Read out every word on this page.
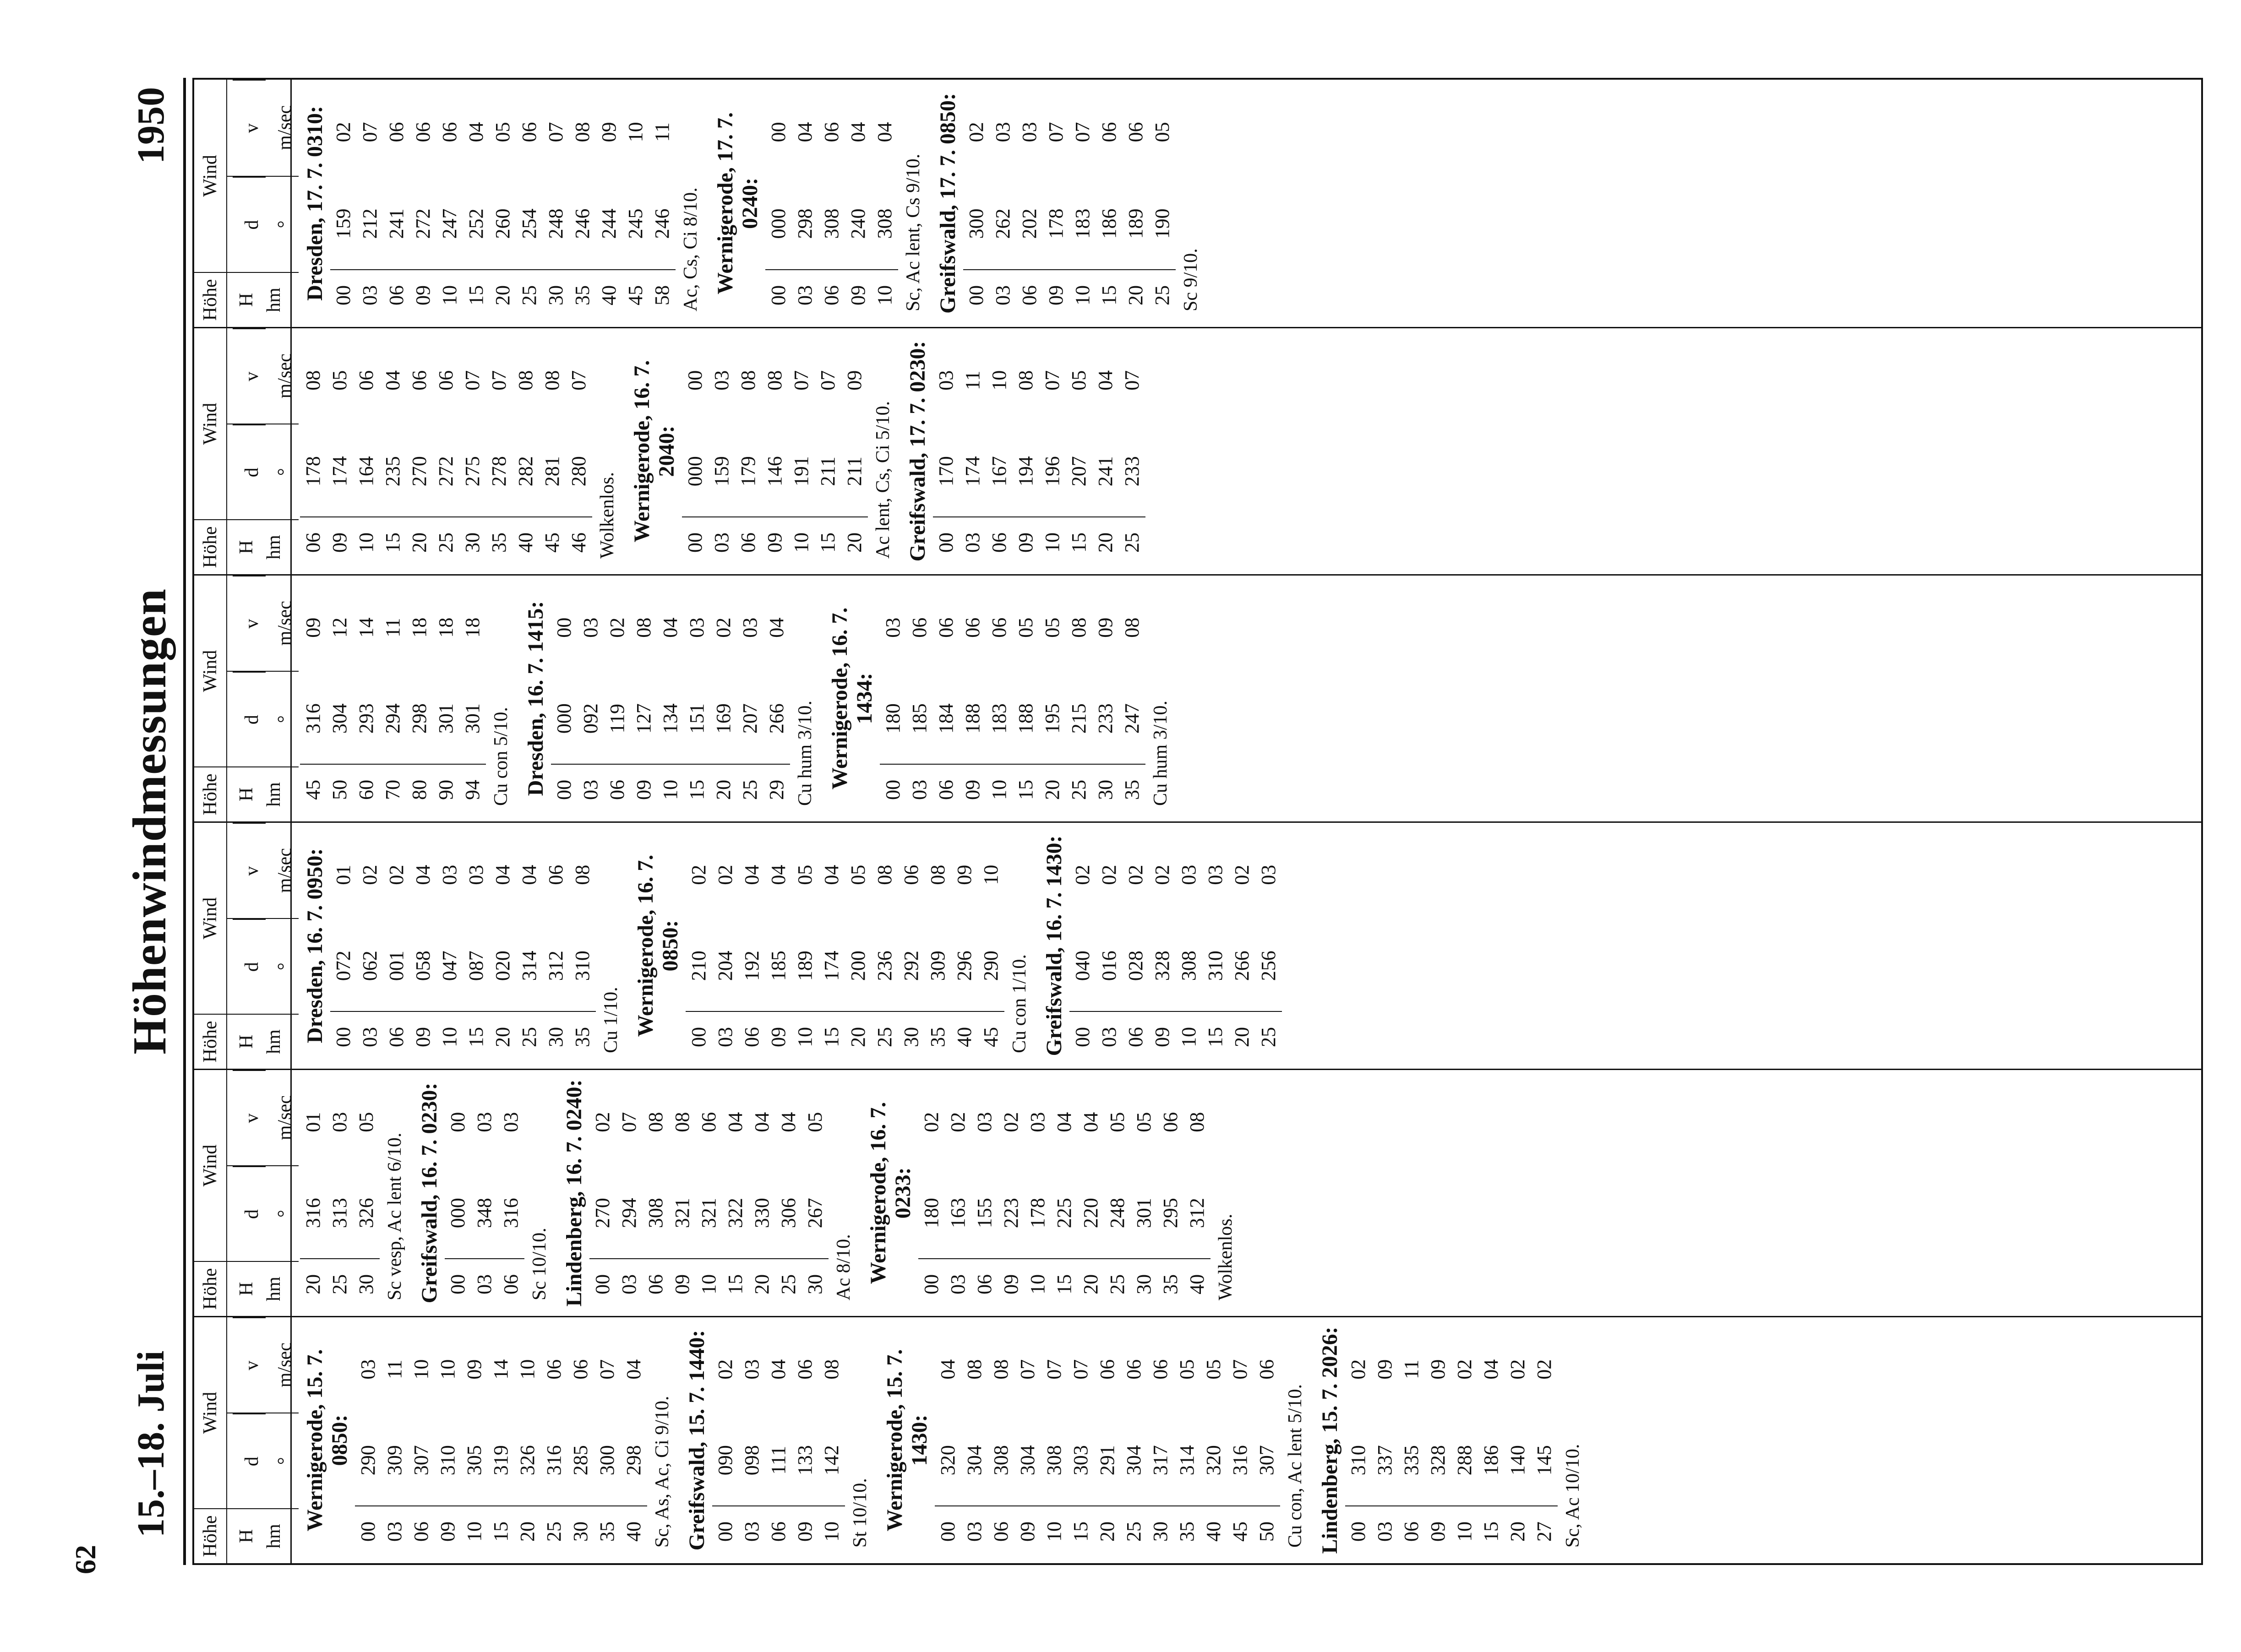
62
15.–18. Juli
Höhenwindmessungen
1950
Höhe H hm
Wind
d °
v m/sec Wernigerode, 15. 7. 0850:
00
290
03
03
309
11
06
307
10
09
310
10
10
305
09
15
319
14
20
326
10
25
316
06
30
285
06
35
300
07
40
298
04
Sc, As, Ac, Ci 9/10. Greifswald, 15. 7. 1440: 00
090
02
03
098
03
06
111
04
09
133
06
10
142
08
St 10/10. Wernigerode, 15. 7. 1430:
00
320
04
03
304
08
06
308
08
09
304
07
10
308
07
15
303
07
20
291
06
25
304
06
30
317
06
35
314
05
40
320
05
45
316
07
50
307
06
Cu con, Ac lent 5/10. Lindenberg, 15. 7. 2026: 00
310
02
03
337
09
06
335
11
09
328
09
10
288
02
15
186
04
20
140
02
27
145
02
Sc, Ac 10/10.
Höhe H hm
Wind
d °
v m/sec
20
316
01
25
313
03
30
326
05
Sc vesp, Ac lent 6/10. Greifswald, 16. 7. 0230: 00
000
00
03
348
03
06
316
03
Sc 10/10. Lindenberg, 16. 7. 0240: 00
270
02
03
294
07
06
308
08
09
321
08
10
321
06
15
322
04
20
330
04
25
306
04
30
267
05
Ac 8/10. Wernigerode, 16. 7. 0233:
00
180
02
03
163
02
06
155
03
09
223
02
10
178
03
15
225
04
20
220
04
25
248
05
30
301
05
35
295
06
40
312
08
Wolkenlos.
Höhe H hm
Wind
d °
v m/sec Dresden, 16. 7. 0950: 00
072
01
03
062
02
06
001
02
09
058
04
10
047
03
15
087
03
20
020
04
25
314
04
30
312
06
35
310
08
Cu 1/10. Wernigerode, 16. 7. 0850:
00
210
02
03
204
02
06
192
04
09
185
04
10
189
05
15
174
04
20
200
05
25
236
08
30
292
06
35
309
08
40
296
09
45
290
10
Cu con 1/10. Greifswald, 16. 7. 1430: 00
040
02
03
016
02
06
028
02
09
328
02
10
308
03
15
310
03
20
266
02
25
256
03
Höhe H hm
Wind
d °
v m/sec
45
316
09
50
304
12
60
293
14
70
294
11
80
298
18
90
301
18
94
301
18
Cu con 5/10. Dresden, 16. 7. 1415: 00
000
00
03
092
03
06
119
02
09
127
08
10
134
04
15
151
03
20
169
02
25
207
03
29
266
04
Cu hum 3/10. Wernigerode, 16. 7. 1434:
00
180
03
03
185
06
06
184
06
09
188
06
10
183
06
15
188
05
20
195
05
25
215
08
30
233
09
35
247
08
Cu hum 3/10.
Höhe H hm
Wind
d °
v m/sec
06
178
08
09
174
05
10
164
06
15
235
04
20
270
06
25
272
06
30
275
07
35
278
07
40
282
08
45
281
08
46
280
07
Wolkenlos. Wernigerode, 16. 7. 2040:
00
000
00
03
159
03
06
179
08
09
146
08
10
191
07
15
211
07
20
211
09
Ac lent, Cs, Ci 5/10. Greifswald, 17. 7. 0230: 00
170
03
03
174
11
06
167
10
09
194
08
10
196
07
15
207
05
20
241
04
25
233
07
Höhe H hm
Wind
d °
v m/sec Dresden, 17. 7. 0310: 00
159
02
03
212
07
06
241
06
09
272
06
10
247
06
15
252
04
20
260
05
25
254
06
30
248
07
35
246
08
40
244
09
45
245
10
58
246
11
Ac, Cs, Ci 8/10. Wernigerode, 17. 7. 0240:
00
000
00
03
298
04
06
308
06
09
240
04
10
308
04
Sc, Ac lent, Cs 9/10. Greifswald, 17. 7. 0850: 00
300
02
03
262
03
06
202
03
09
178
07
10
183
07
15
186
06
20
189
06
25
190
05
Sc 9/10.
